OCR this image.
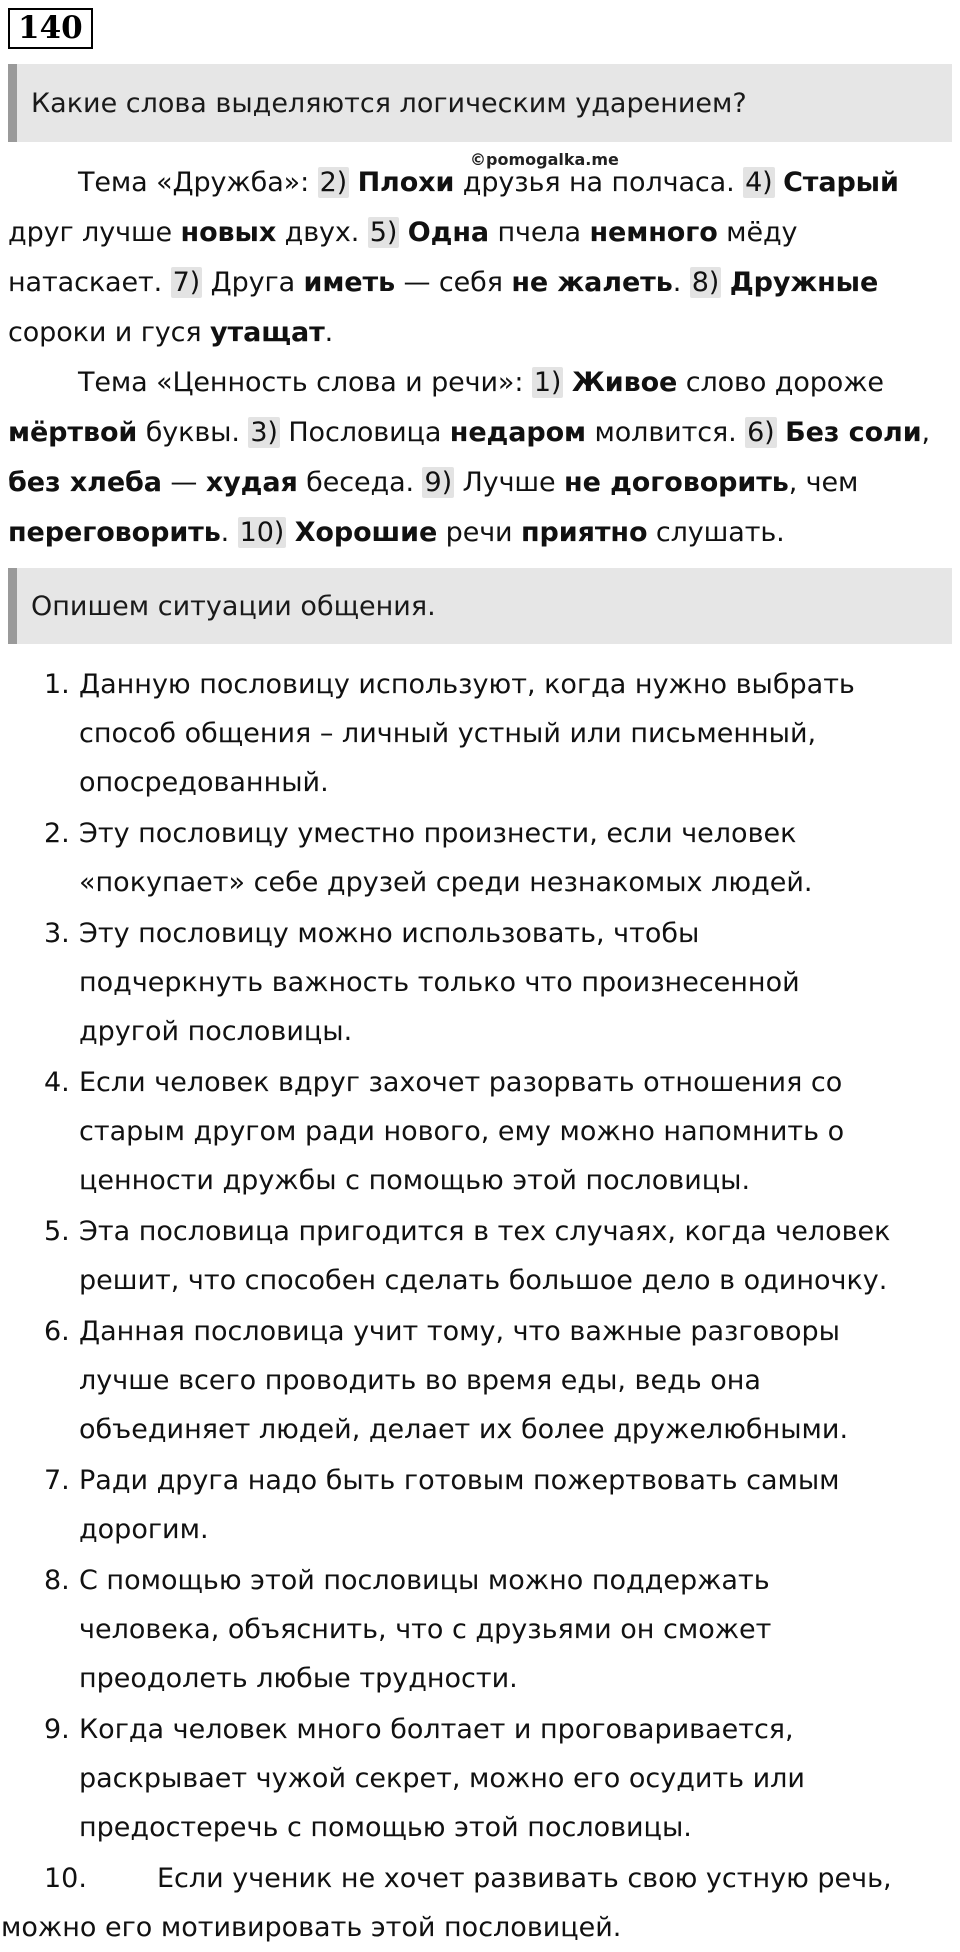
140
Какие слова выделяются логическим ударением?
©pomogalka.me
Тема «Дружба»: 2) Плохи друзья на полчаса. 4) Старый друг лучше новых двух. 5) Одна пчела немного мёду натаскает. 7) Друга иметь — себя не жалеть. 8) Дружные сороки и гуся утащат.
Тема «Ценность слова и речи»: 1) Живое слово дороже мёртвой буквы. 3) Пословица недаром молвится. 6) Без соли, без хлеба — худая беседа. 9) Лучше не договорить, чем переговорить. 10) Хорошие речи приятно слушать.
Опишем ситуации общения.
1. Данную пословицу используют, когда нужно выбрать
способ общения – личный устный или письменный,
опосредованный.
2. Эту пословицу уместно произнести, если человек
«покупает» себе друзей среди незнакомых людей.
3. Эту пословицу можно использовать, чтобы
подчеркнуть важность только что произнесенной
другой пословицы.
4. Если человек вдруг захочет разорвать отношения со
старым другом ради нового, ему можно напомнить о
ценности дружбы с помощью этой пословицы.
5. Эта пословица пригодится в тех случаях, когда человек
решит, что способен сделать большое дело в одиночку.
6. Данная пословица учит тому, что важные разговоры
лучше всего проводить во время еды, ведь она
объединяет людей, делает их более дружелюбными.
7. Ради друга надо быть готовым пожертвовать самым
дорогим.
8. С помощью этой пословицы можно поддержать
человека, объяснить, что с друзьями он сможет
преодолеть любые трудности.
9. Когда человек много болтает и проговаривается,
раскрывает чужой секрет, можно его осудить или
предостеречь с помощью этой пословицы.
10.	Если ученик не хочет развивать свою устную речь,
можно его мотивировать этой пословицей.
